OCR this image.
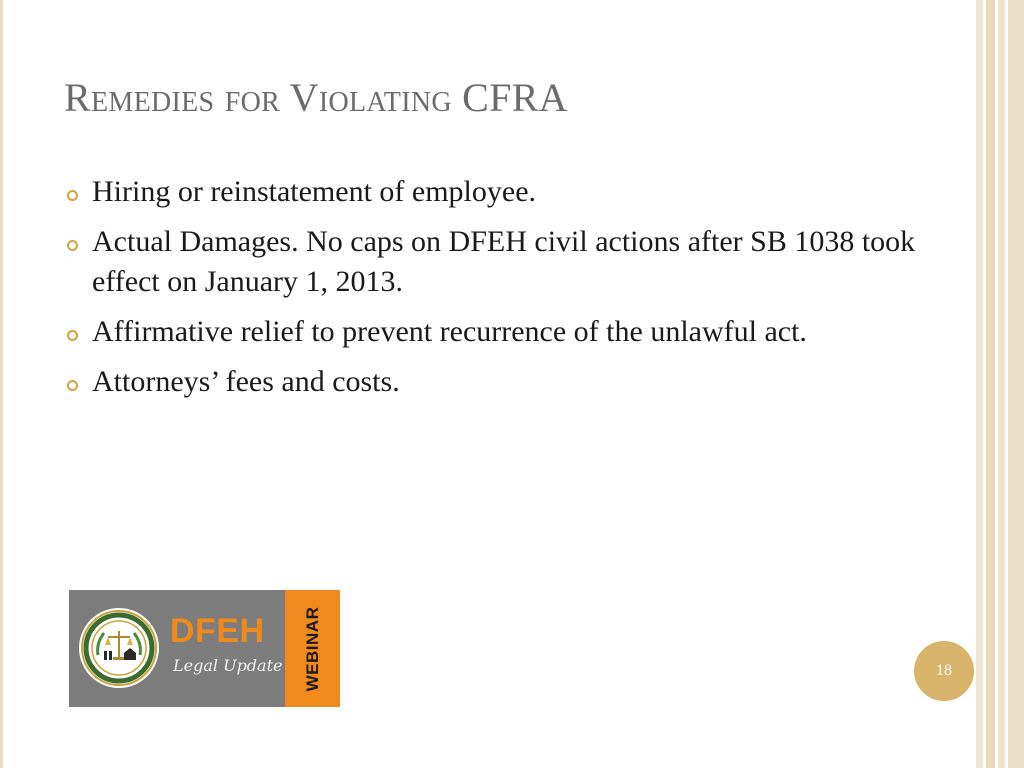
Remedies for Violating CFRA
Hiring or reinstatement of employee.
Actual Damages. No caps on DFEH civil actions after SB 1038 took effect on January 1, 2013.
Affirmative relief to prevent recurrence of the unlawful act.
Attorneys’ fees and costs.
DFEH
Legal Update WEBINAR	18
